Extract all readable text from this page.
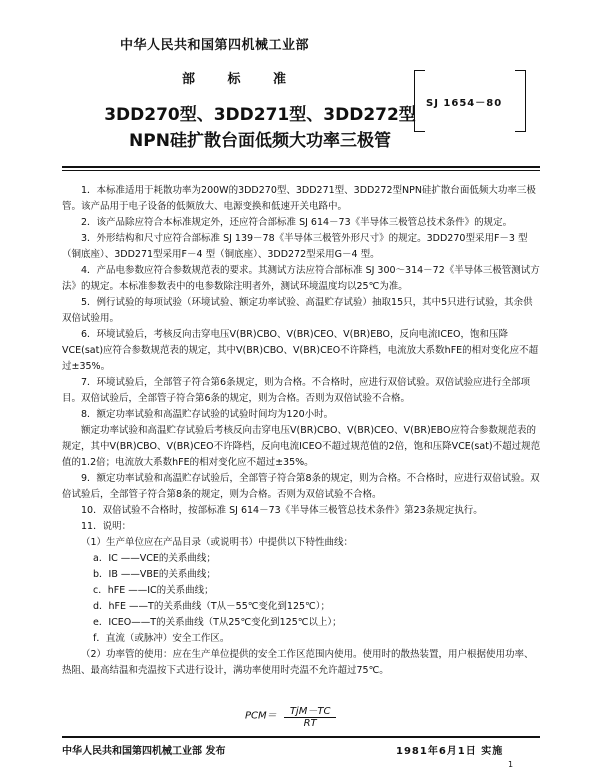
中华人民共和国第四机械工业部
部 标 准
SJ 1654－80
3DD270型、3DD271型、3DD272型
NPN硅扩散台面低频大功率三极管

1．本标准适用于耗散功率为200W的3DD270型、3DD271型、3DD272型NPN硅扩散台面低频大功率三极管。该产品用于电子设备的低频放大、电源变换和低速开关电路中。

2．该产品除应符合本标准规定外，还应符合部标准 SJ 614－73《半导体三极管总技术条件》的规定。

3．外形结构和尺寸应符合部标准 SJ 139－78《半导体三极管外形尺寸》的规定。3DD270型采用F－3 型（铜底座）、3DD271型采用F－4 型（铜底座）、3DD272型采用G－4 型。

4．产品电参数应符合参数规范表的要求。其测试方法应符合部标准 SJ 300～314－72《半导体三极管测试方法》的规定。本标准参数表中的电参数除注明者外，测试环境温度均以25℃为准。

5．例行试验的每项试验（环境试验、额定功率试验、高温贮存试验）抽取15只，其中5只进行试验，其余供双倍试验用。

6．环境试验后，考核反向击穿电压V(BR)CBO、V(BR)CEO、V(BR)EBO，反向电流ICEO，饱和压降VCE(sat)应符合参数规范表的规定，其中V(BR)CBO、V(BR)CEO不许降档，电流放大系数hFE的相对变化应不超过±35%。

7．环境试验后，全部管子符合第6条规定，则为合格。不合格时，应进行双倍试验。双倍试验应进行全部项目。双倍试验后，全部管子符合第6条的规定，则为合格。否则为双倍试验不合格。

8．额定功率试验和高温贮存试验的试验时间均为120小时。

额定功率试验和高温贮存试验后考核反向击穿电压V(BR)CBO、V(BR)CEO、V(BR)EBO应符合参数规范表的规定，其中V(BR)CBO、V(BR)CEO不许降档，反向电流ICEO不超过规范值的2倍，饱和压降VCE(sat)不超过规范值的1.2倍；电流放大系数hFE的相对变化应不超过±35%。

9．额定功率试验和高温贮存试验后，全部管子符合第8条的规定，则为合格。不合格时，应进行双倍试验。双倍试验后，全部管子符合第8条的规定，则为合格。否则为双倍试验不合格。

10．双倍试验不合格时，按部标准 SJ 614－73《半导体三极管总技术条件》第23条规定执行。

11．说明：

（1）生产单位应在产品目录（或说明书）中提供以下特性曲线：

a．IC ——VCE的关系曲线；

b．IB ——VBE的关系曲线；

c．hFE ——IC的关系曲线；

d．hFE ——T的关系曲线（T从－55℃变化到125℃）；

e．ICEO——T的关系曲线（T从25℃变化到125℃以上）；

f．直流（或脉冲）安全工作区。

（2）功率管的使用：应在生产单位提供的安全工作区范围内使用。使用时的散热装置，用户根据使用功率、热阻、最高结温和壳温按下式进行设计，满功率使用时壳温不允许超过75℃。

$PCM= \frac{\text{TjM－TC}}{RT}$
中华人民共和国第四机械工业部 发布	1981年6月1日 实施
1
